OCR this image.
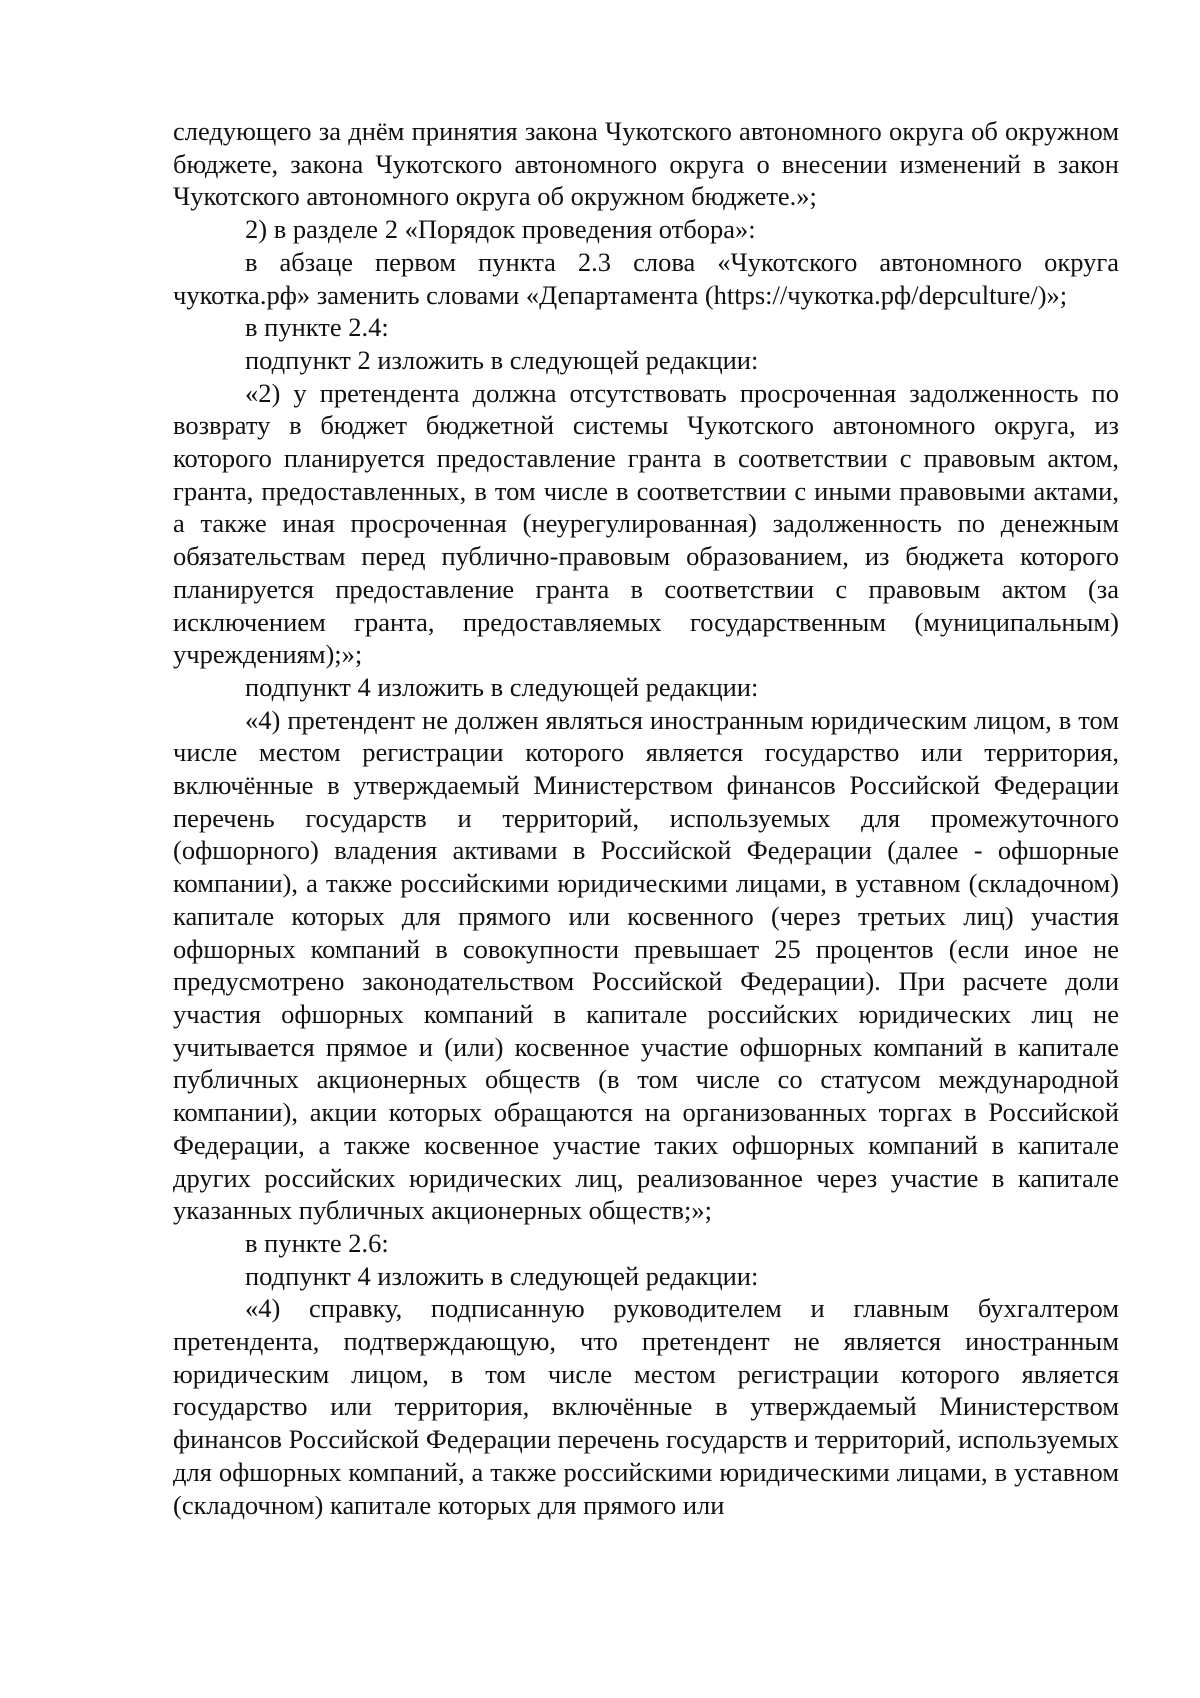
следующего за днём принятия закона Чукотского автономного округа об окружном бюджете, закона Чукотского автономного округа о внесении изменений в закон Чукотского автономного округа об окружном бюджете.»;

2) в разделе 2 «Порядок проведения отбора»:

в абзаце первом пункта 2.3 слова «Чукотского автономного округа чукотка.рф» заменить словами «Департамента (https://чукотка.рф/depculture/)»;

в пункте 2.4:

подпункт 2 изложить в следующей редакции:

«2) у претендента должна отсутствовать просроченная задолженность по возврату в бюджет бюджетной системы Чукотского автономного округа, из которого планируется предоставление гранта в соответствии с правовым актом, гранта, предоставленных, в том числе в соответствии с иными правовыми актами, а также иная просроченная (неурегулированная) задолженность по денежным обязательствам перед публично-правовым образованием, из бюджета которого планируется предоставление гранта в соответствии с правовым актом (за исключением гранта, предоставляемых государственным (муниципальным) учреждениям);»;

подпункт 4 изложить в следующей редакции:

«4) претендент не должен являться иностранным юридическим лицом, в том числе местом регистрации которого является государство или территория, включённые в утверждаемый Министерством финансов Российской Федерации перечень государств и территорий, используемых для промежуточного (офшорного) владения активами в Российской Федерации (далее - офшорные компании), а также российскими юридическими лицами, в уставном (складочном) капитале которых для прямого или косвенного (через третьих лиц) участия офшорных компаний в совокупности превышает 25 процентов (если иное не предусмотрено законодательством Российской Федерации). При расчете доли участия офшорных компаний в капитале российских юридических лиц не учитывается прямое и (или) косвенное участие офшорных компаний в капитале публичных акционерных обществ (в том числе со статусом международной компании), акции которых обращаются на организованных торгах в Российской Федерации, а также косвенное участие таких офшорных компаний в капитале других российских юридических лиц, реализованное через участие в капитале указанных публичных акционерных обществ;»;

в пункте 2.6:

подпункт 4 изложить в следующей редакции:

«4) справку, подписанную руководителем и главным бухгалтером претендента, подтверждающую, что претендент не является иностранным юридическим лицом, в том числе местом регистрации которого является государство или территория, включённые в утверждаемый Министерством финансов Российской Федерации перечень государств и территорий, используемых для офшорных компаний, а также российскими юридическими лицами, в уставном (складочном) капитале которых для прямого или
